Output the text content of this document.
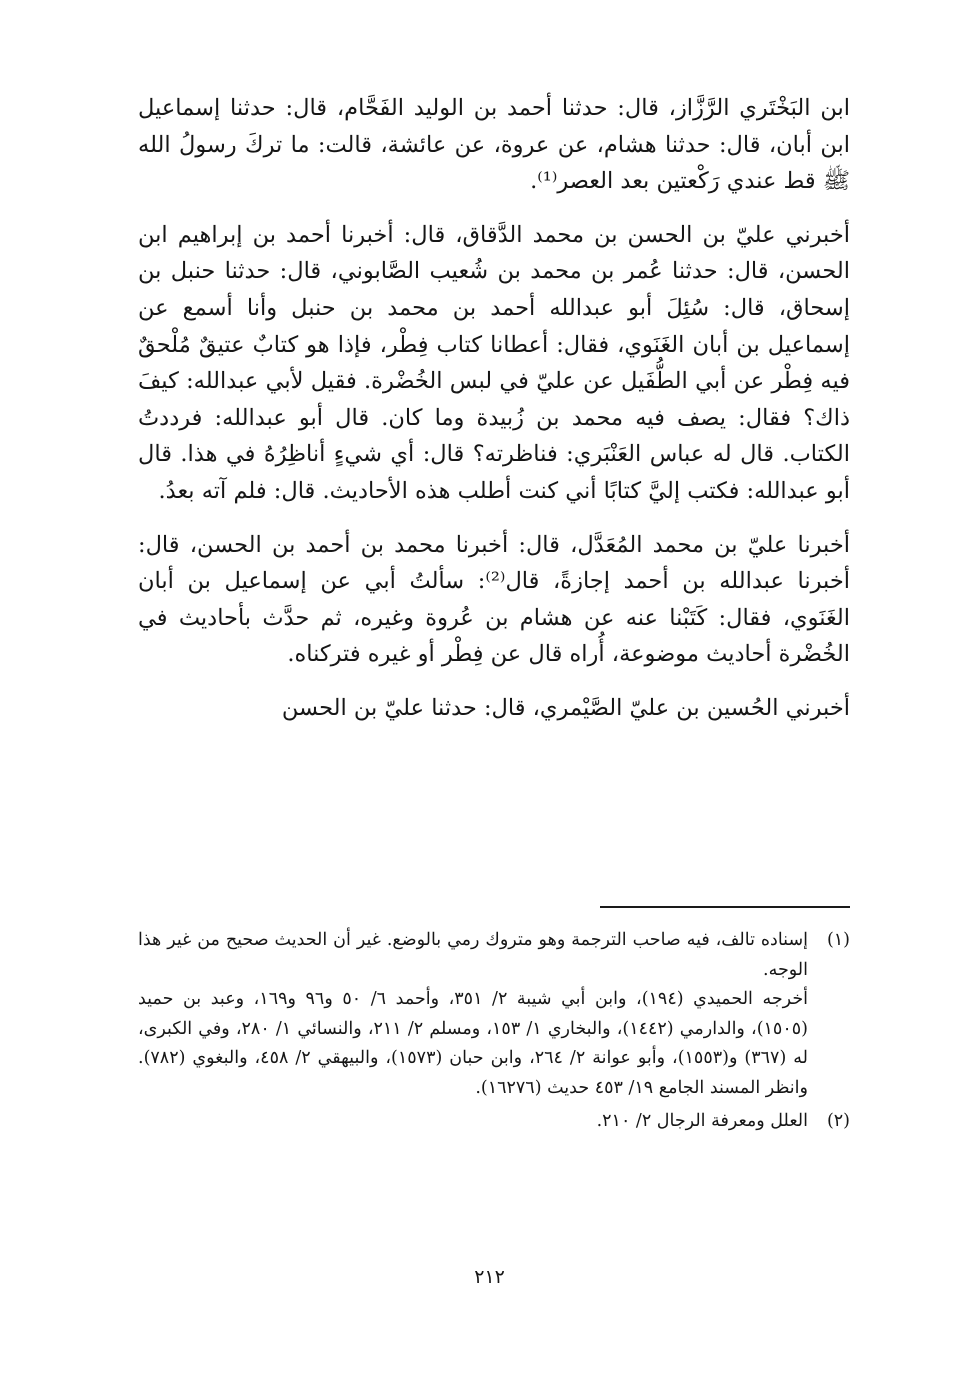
ابن البَخْتَري الرَّزَّاز، قال: حدثنا أحمد بن الوليد الفَحَّام، قال: حدثنا إسماعيل ابن أبان، قال: حدثنا هشام، عن عروة، عن عائشة، قالت: ما تركَ رسولُ الله ﷺ قط عندي رَكْعتين بعد العصر⁽¹⁾.

أخبرني عليّ بن الحسن بن محمد الدَّقاق، قال: أخبرنا أحمد بن إبراهيم ابن الحسن، قال: حدثنا عُمر بن محمد بن شُعيب الصَّابوني، قال: حدثنا حنبل بن إسحاق، قال: سُئِلَ أبو عبدالله أحمد بن محمد بن حنبل وأنا أسمع عن إسماعيل بن أبان الغَنَوي، فقال: أعطانا كتاب فِطْر، فإذا هو كتابٌ عتيقٌ مُلْحقٌ فيه فِطْر عن أبي الطُّفَيل عن عليّ في لبس الخُضْرة. فقيل لأبي عبدالله: كيفَ ذاك؟ فقال: يصف فيه محمد بن زُبيدة وما كان. قال أبو عبدالله: فرددتُ الكتاب. قال له عباس العَنْبَري: فناظرته؟ قال: أي شيءٍ أناظِرُهُ في هذا. قال أبو عبدالله: فكتب إليَّ كتابًا أني كنت أطلب هذه الأحاديث. قال: فلم آته بعدُ.

أخبرنا عليّ بن محمد المُعَدَّل، قال: أخبرنا محمد بن أحمد بن الحسن، قال: أخبرنا عبدالله بن أحمد إجازةً، قال⁽²⁾: سألتُ أبي عن إسماعيل بن أبان الغَنَوي، فقال: كَتَبْنا عنه عن هشام بن عُروة وغيره، ثم حدَّث بأحاديث في الخُضْرة أحاديث موضوعة، أُراه قال عن فِطْر أو غيره فتركناه.

أخبرني الحُسين بن عليّ الصَّيْمري، قال: حدثنا عليّ بن الحسن

(١)

إسناده تالف، فيه صاحب الترجمة وهو متروك رمي بالوضع. غير أن الحديث صحيح من غير هذا الوجه.

أخرجه الحميدي (١٩٤)، وابن أبي شيبة ٢/ ٣٥١، وأحمد ٦/ ٥٠ و٩٦ و١٦٩، وعبد بن حميد (١٥٠٥)، والدارمي (١٤٤٢)، والبخاري ١/ ١٥٣، ومسلم ٢/ ٢١١، والنسائي ١/ ٢٨٠، وفي الكبرى، له (٣٦٧) و(١٥٥٣)، وأبو عوانة ٢/ ٢٦٤، وابن حبان (١٥٧٣)، والبيهقي ٢/ ٤٥٨، والبغوي (٧٨٢). وانظر المسند الجامع ١٩/ ٤٥٣ حديث (١٦٢٧٦).

(٢)

العلل ومعرفة الرجال ٢/ ٢١٠.

٢١٢
